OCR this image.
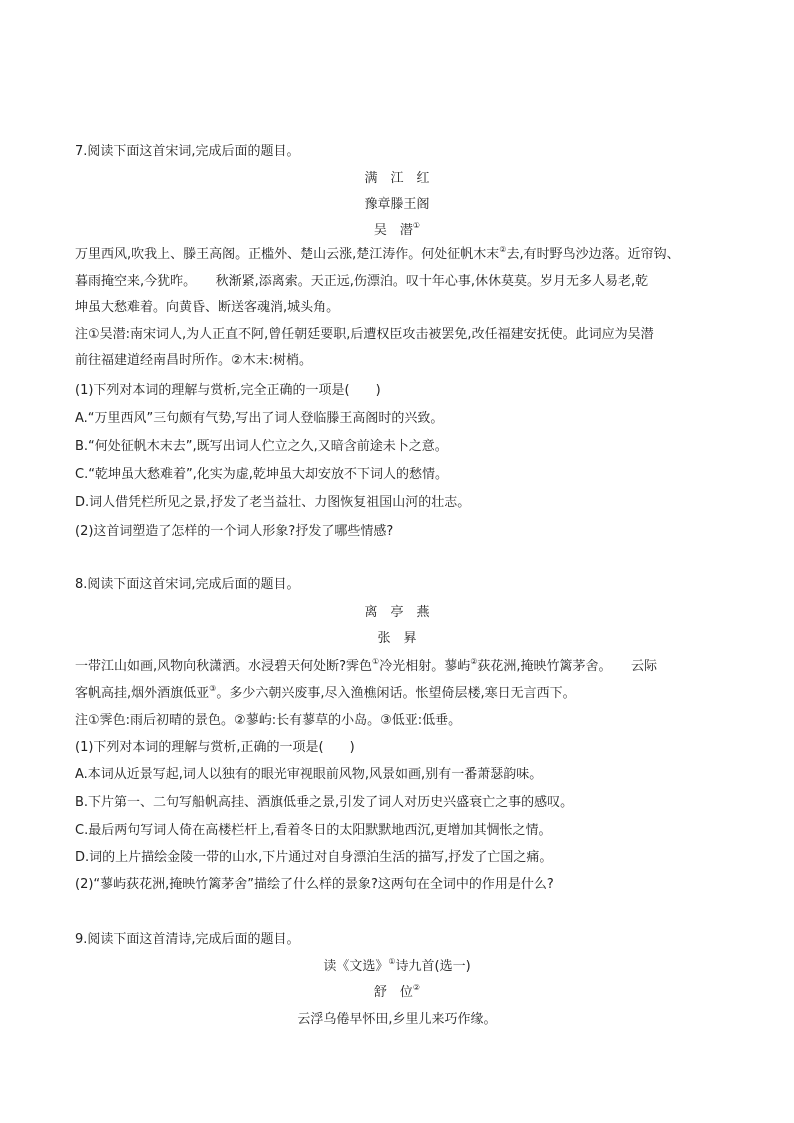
7.阅读下面这首宋词,完成后面的题目。
满　江　红
豫章滕王阁
吴　潜①
万里西风,吹我上、滕王高阁。正槛外、楚山云涨,楚江涛作。何处征帆木末②去,有时野鸟沙边落。近帘钩、
暮雨掩空来,今犹昨。　　秋渐紧,添离索。天正远,伤漂泊。叹十年心事,休休莫莫。岁月无多人易老,乾
坤虽大愁难着。向黄昏、断送客魂消,城头角。
注①吴潜:南宋词人,为人正直不阿,曾任朝廷要职,后遭权臣攻击被罢免,改任福建安抚使。此词应为吴潜
前往福建道经南昌时所作。②木末:树梢。
(1)下列对本词的理解与赏析,完全正确的一项是(　　)
A.“万里西风”三句颇有气势,写出了词人登临滕王高阁时的兴致。
B.“何处征帆木末去”,既写出词人伫立之久,又暗含前途未卜之意。
C.“乾坤虽大愁难着”,化实为虚,乾坤虽大却安放不下词人的愁情。
D.词人借凭栏所见之景,抒发了老当益壮、力图恢复祖国山河的壮志。
(2)这首词塑造了怎样的一个词人形象?抒发了哪些情感?
8.阅读下面这首宋词,完成后面的题目。
离　亭　燕
张　昪
一带江山如画,风物向秋潇洒。水浸碧天何处断?霁色①冷光相射。蓼屿②荻花洲,掩映竹篱茅舍。　　云际
客帆高挂,烟外酒旗低亚③。多少六朝兴废事,尽入渔樵闲话。怅望倚层楼,寒日无言西下。
注①霁色:雨后初晴的景色。②蓼屿:长有蓼草的小岛。③低亚:低垂。
(1)下列对本词的理解与赏析,正确的一项是(　　)
A.本词从近景写起,词人以独有的眼光审视眼前风物,风景如画,别有一番萧瑟韵味。
B.下片第一、二句写船帆高挂、酒旗低垂之景,引发了词人对历史兴盛衰亡之事的感叹。
C.最后两句写词人倚在高楼栏杆上,看着冬日的太阳默默地西沉,更增加其惆怅之情。
D.词的上片描绘金陵一带的山水,下片通过对自身漂泊生活的描写,抒发了亡国之痛。
(2)“蓼屿荻花洲,掩映竹篱茅舍”描绘了什么样的景象?这两句在全词中的作用是什么?
9.阅读下面这首清诗,完成后面的题目。
读《文选》①诗九首(选一)
舒　位②
云浮乌倦早怀田,乡里儿来巧作缘。
